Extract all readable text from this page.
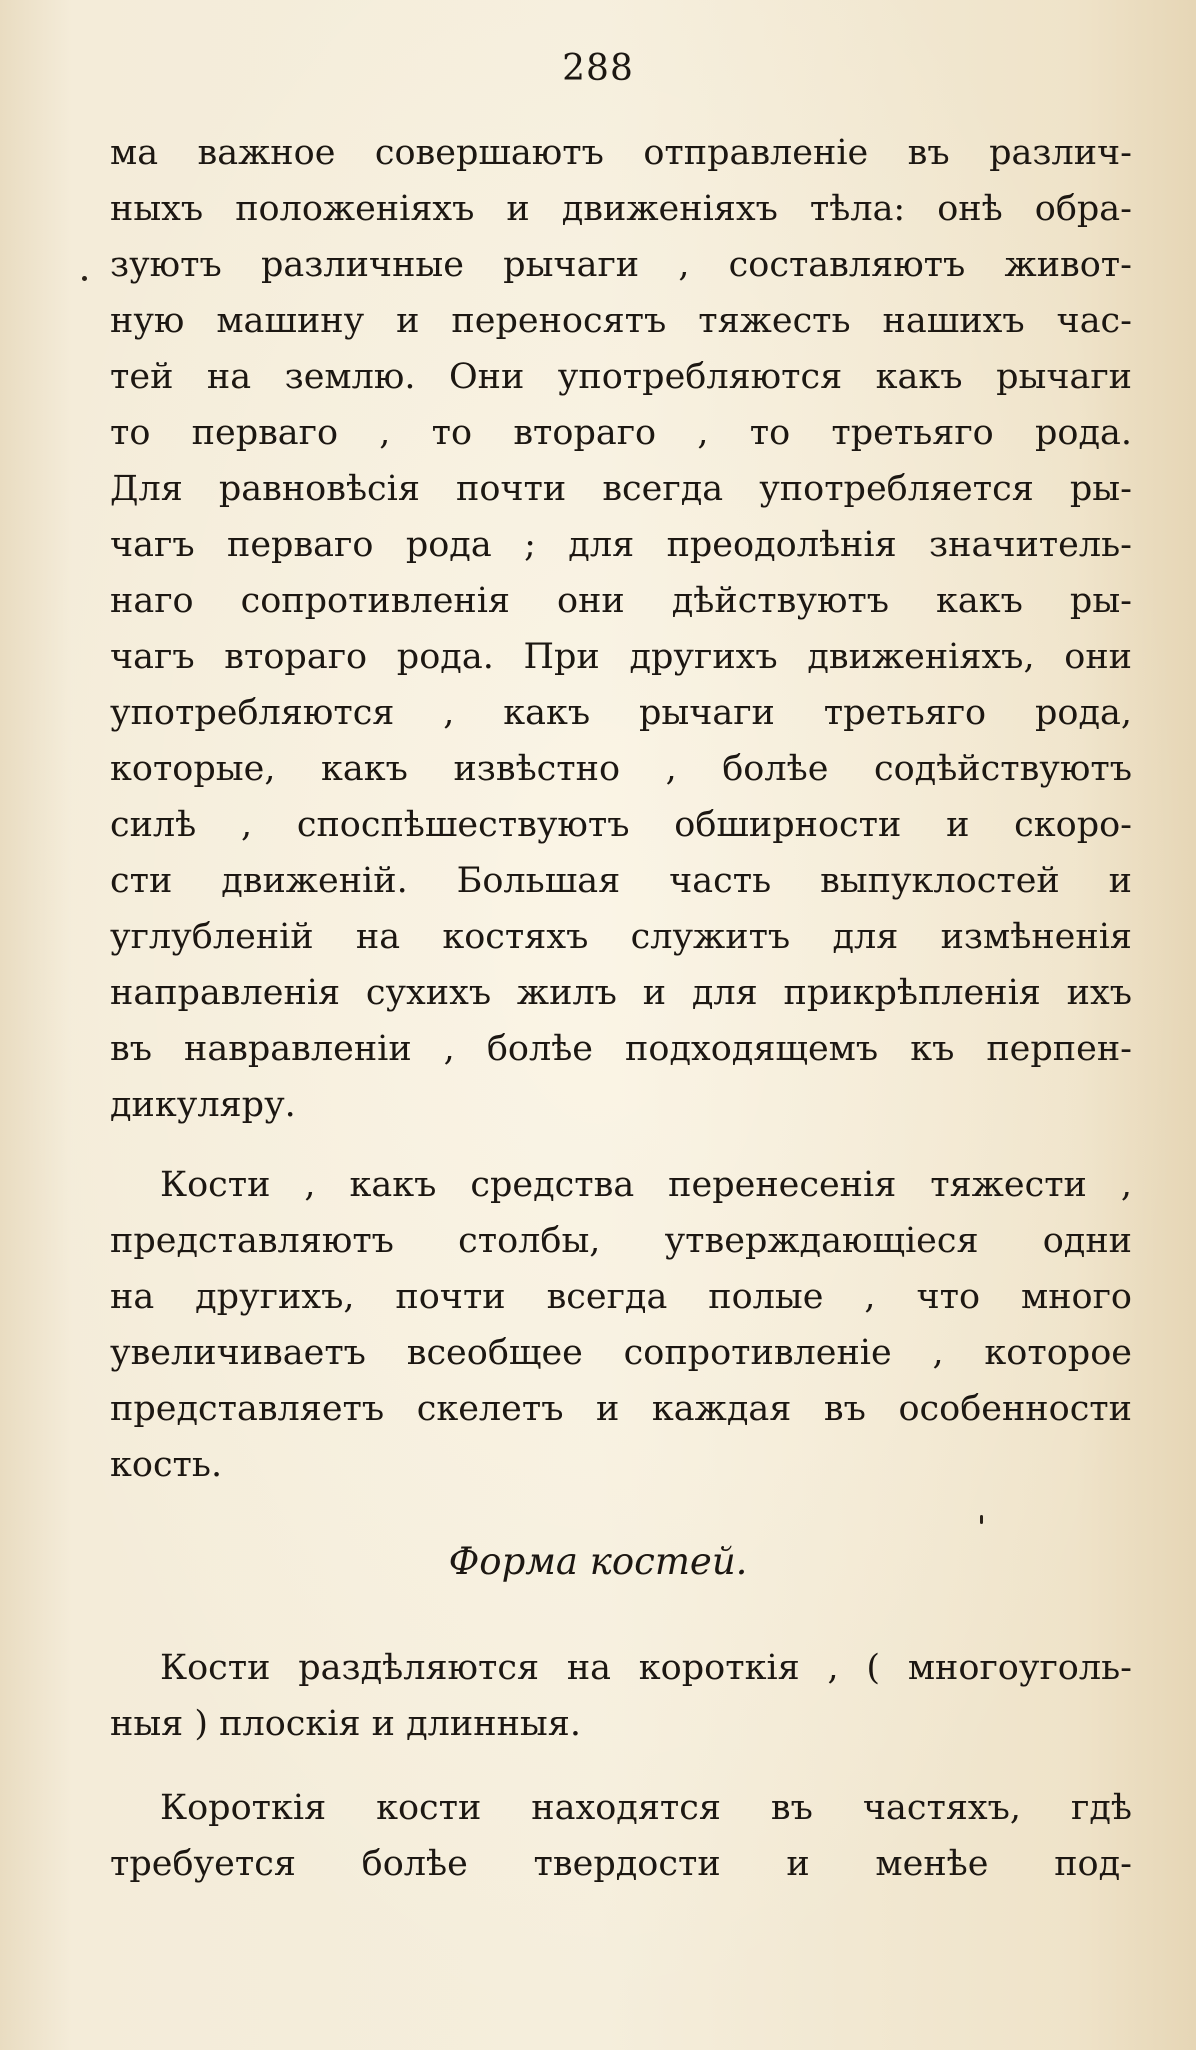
288
ма важное совершаютъ отправленіе въ различ-
ныхъ положеніяхъ и движеніяхъ тѣла: онѣ обра-
зуютъ различные рычаги , составляютъ живот-
ную машину и переносятъ тяжесть нашихъ час-
тей на землю. Они употребляются какъ рычаги
то перваго , то втораго , то третьяго рода.
Для равновѣсія почти всегда употребляется ры-
чагъ перваго рода ; для преодолѣнія значитель-
наго сопротивленія они дѣйствуютъ какъ ры-
чагъ втораго рода. При другихъ движеніяхъ, они
употребляются , какъ рычаги третьяго рода,
которые, какъ извѣстно , болѣе содѣйствуютъ
силѣ , споспѣшествуютъ обширности и скоро-
сти движеній. Большая часть выпуклостей и
углубленій на костяхъ служитъ для измѣненія
направленія сухихъ жилъ и для прикрѣпленія ихъ
въ навравленіи , болѣе подходящемъ къ перпен-
дикуляру.
Кости , какъ средства перенесенія тяжести ,
представляютъ столбы, утверждающіеся одни
на другихъ, почти всегда полые , что много
увеличиваетъ всеобщее сопротивленіе , которое
представляетъ скелетъ и каждая въ особенности
кость.
Форма костей.
Кости раздѣляются на короткія , ( многоуголь-
ныя ) плоскія и длинныя.
Короткія кости находятся въ частяхъ, гдѣ
требуется болѣе твердости и менѣе под-
